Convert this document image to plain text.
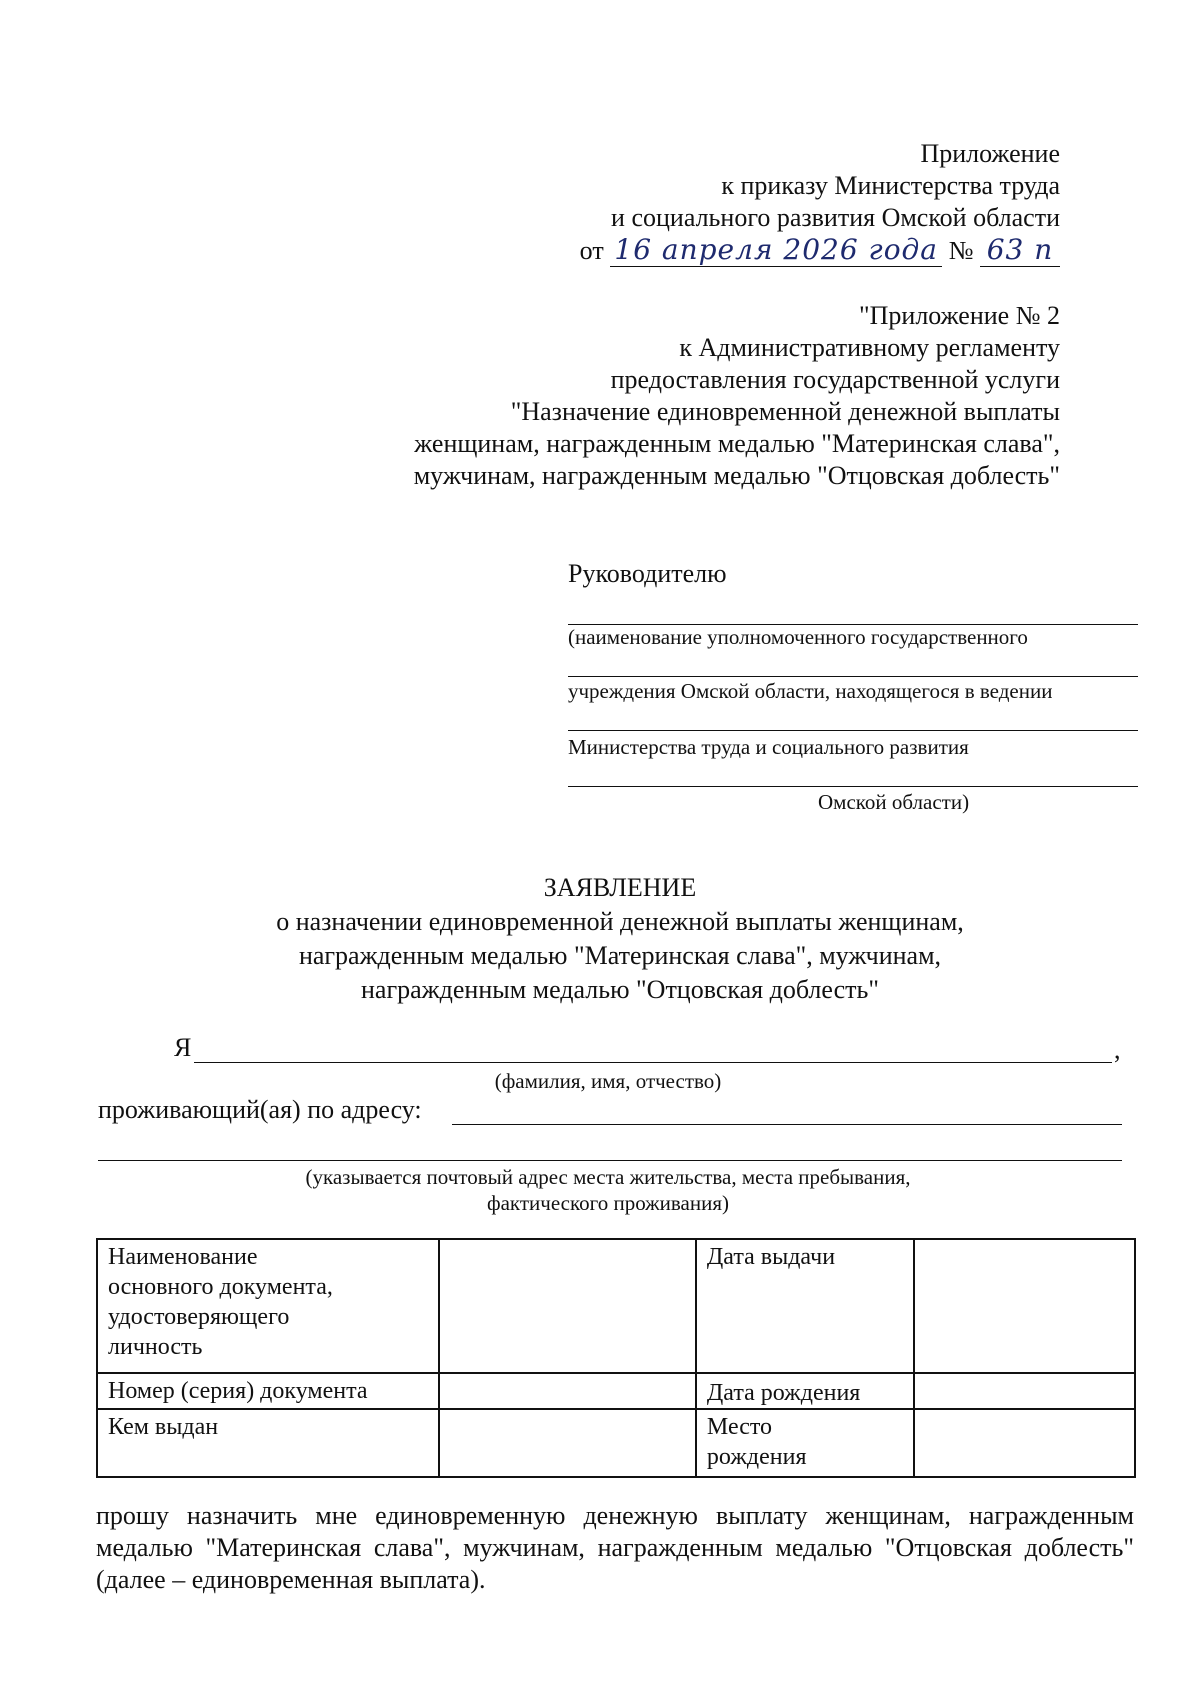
Приложение
к приказу Министерства труда
и социального развития Омской области
от 16 апреля 2026 года № 63 п
"Приложение № 2
к Административному регламенту
предоставления государственной услуги
"Назначение единовременной денежной выплаты
женщинам, награжденным медалью "Материнская слава",
мужчинам, награжденным медалью "Отцовская доблесть"
Руководителю
(наименование уполномоченного государственного
учреждения Омской области, находящегося в ведении
Министерства труда и социального развития
Омской области)
ЗАЯВЛЕНИЕ
о назначении единовременной денежной выплаты женщинам,
награжденным медалью "Материнская слава", мужчинам,
награжденным медалью "Отцовская доблесть"
Я	,
(фамилия, имя, отчество)
проживающий(ая) по адресу:
(указывается почтовый адрес места жительства, места пребывания,
фактического проживания)
Наименование основного документа, удостоверяющего личность		Дата выдачи	
Номер (серия) документа		Дата рождения	
Кем выдан		Место рождения	

прошу назначить мне единовременную денежную выплату женщинам, награжденным медалью "Материнская слава", мужчинам, награжденным медалью "Отцовская доблесть" (далее – единовременная выплата).
